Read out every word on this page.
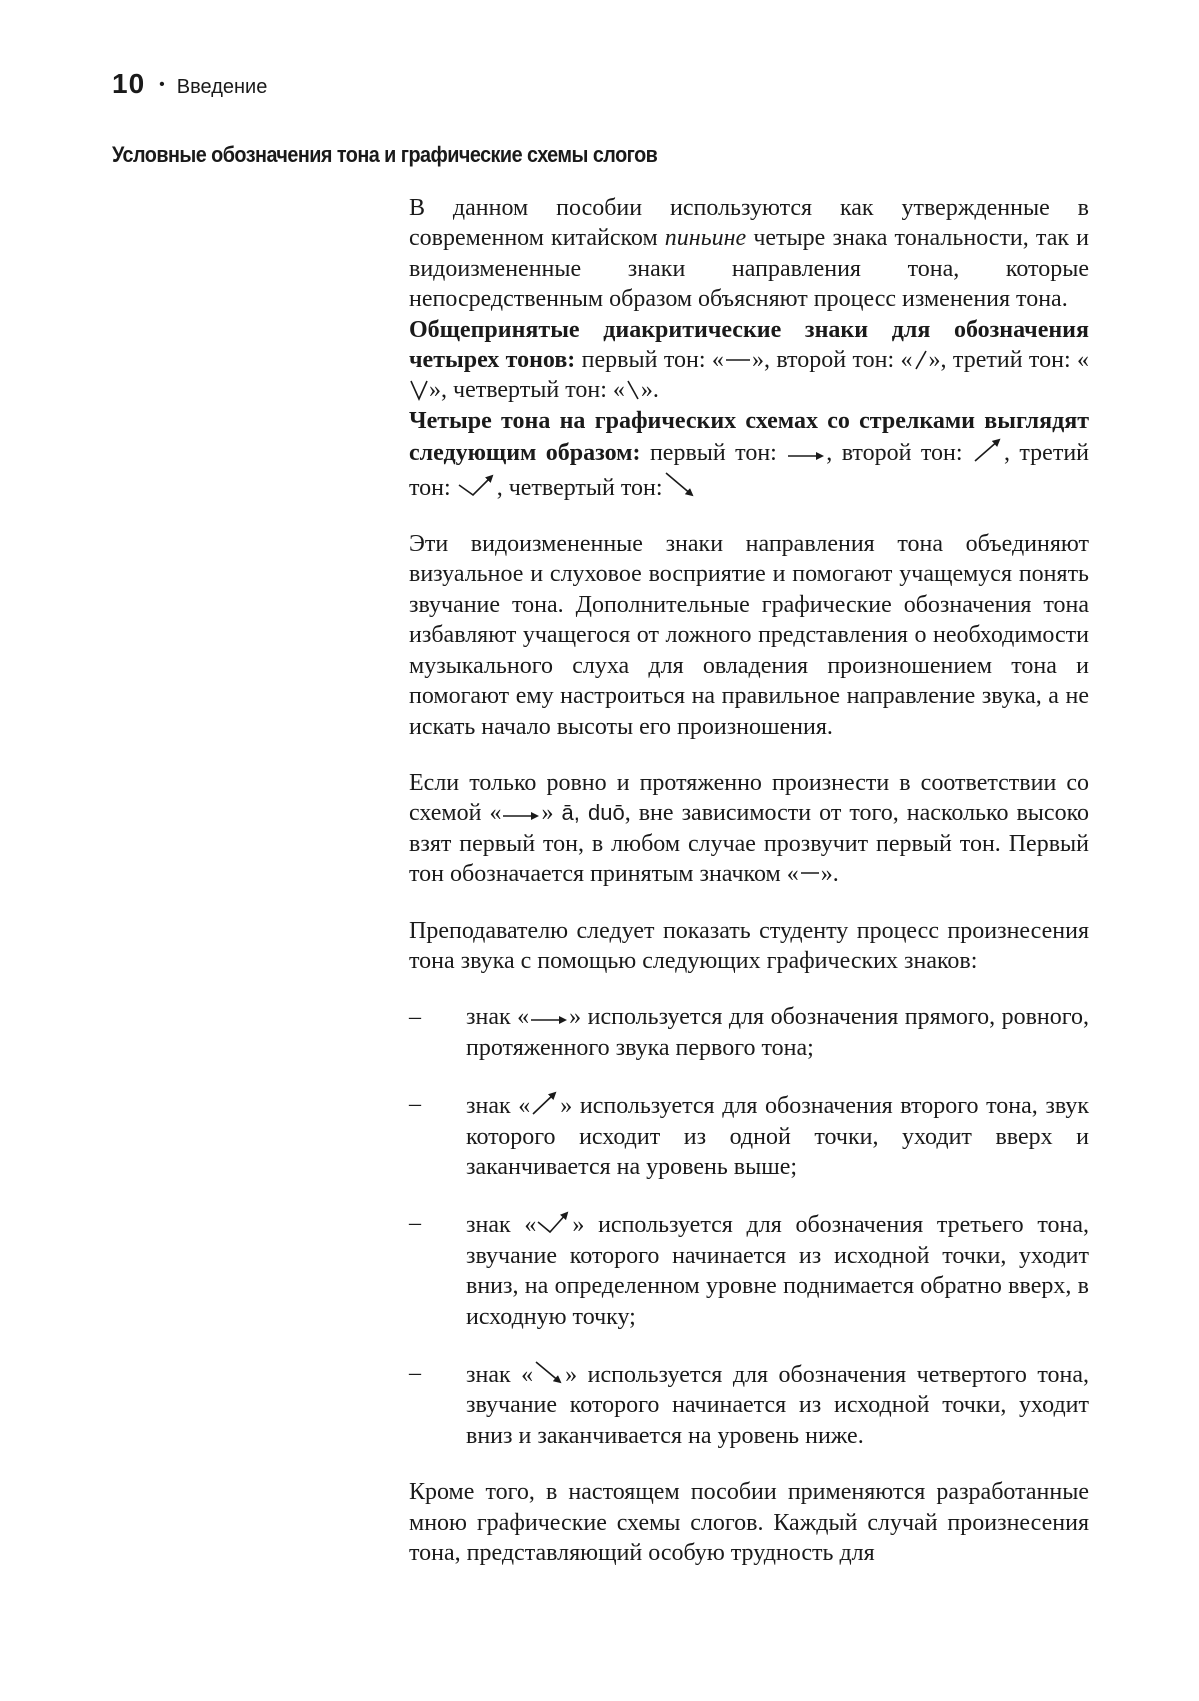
10 • Введение
Условные обозначения тона и графические схемы слогов

В данном пособии используются как утвержденные в современном китайском пиньине четыре знака тональности, так и видоизмененные знаки направления тона, которые непосредственным образом объясняют процесс изменения тона.

Общепринятые диакритические знаки для обозначения четырех тонов: первый тон: « », второй тон: « », третий тон: «», четвертый тон: « ».

Четыре тона на графических схемах со стрелками выглядят следующим образом: первый тон: , второй тон: , третий тон: , четвертый тон:

Эти видоизмененные знаки направления тона объединяют визуальное и слуховое восприятие и помогают учащемуся понять звучание тона. Дополнительные графические обозначения тона избавляют учащегося от ложного представления о необходимости музыкального слуха для овладения произношением тона и помогают ему настроиться на правильное направление звука, а не искать начало высоты его произношения.

Если только ровно и протяженно произнести в соответствии со схемой « » ā, duō, вне зависимости от того, насколько высоко взят первый тон, в любом случае прозвучит первый тон. Первый тон обозначается принятым значком « ».

Преподавателю следует показать студенту процесс произнесения тона звука с помощью следующих графических знаков:

– знак « » используется для обозначения прямого, ровного, протяженного звука первого тона;
– знак « » используется для обозначения второго тона, звук которого исходит из одной точки, уходит вверх и заканчивается на уровень выше;
– знак « » используется для обозначения третьего тона, звучание которого начинается из исходной точки, уходит вниз, на определенном уровне поднимается обратно вверх, в исходную точку;
– знак « » используется для обозначения четвертого тона, звучание которого начинается из исходной точки, уходит вниз и заканчивается на уровень ниже.

Кроме того, в настоящем пособии применяются разработанные мною графические схемы слогов. Каждый случай произнесения тона, представляющий особую трудность для
